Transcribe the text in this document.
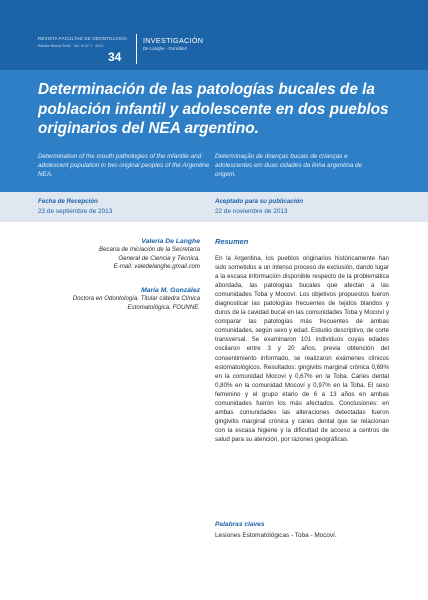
REVISTA FACULTAD DE ODONTOLOGÍA
Edición Nueva Serie · Vol. VI N° 1 · 2013
34
INVESTIGACIÓN
De Langhe - González
Determinación de las patologías bucales de la población infantil y adolescente en dos pueblos originarios del NEA argentino.
Determination of the mouth pathologies of the infantile and adolescent population in two original peoples of the Argentine NEA.
Determinação de doenças bucais de crianças e adolescentes em duas cidades da linha argentina de origem.
Fecha de Recepción
23 de septiembre de 2013
Aceptado para su publicación
22 de noviembre de 2013
Valeria De Langhe
Becaria de Iniciación de la Secretaría
General de Ciencia y Técnica.
E-mail: valedelanghe.gmail.com
María M. González
Doctora en Odontología. Titular cátedra Clínica
Estomatológica. FOUNNE.
Resumen

En la Argentina, los pueblos originarios históricamente han sido sometidos a un intenso proceso de exclusión, dando lugar a la escasa información disponible respecto de la problemática abordada, las patologías bucales que afectan a las comunidades Toba y Mocoví. Los objetivos propuestos fueron diagnosticar las patologías frecuentes de tejidos blandos y duros de la cavidad bucal en las comunidades Toba y Mocoví y comparar las patologías más frecuentes de ambas comunidades, según sexo y edad. Estudio descriptivo, de corte transversal. Se examinaron 101 individuos cuyas edades oscilaron entre 3 y 20 años, previa obtención del consentimiento informado, se realizaron exámenes clínicos estomatológicos. Resultados: gingivitis marginal crónica 0,69% en la comunidad Mocoví y 0,67% en la Toba. Caries dental 0,80% en la comunidad Mocoví y 0,97% en la Toba. El sexo femenino y el grupo etario de 6 a 13 años en ambas comunidades fueron los más afectados. Conclusiones: en ambas comunidades las alteraciones detectadas fueron gingivitis marginal crónica y caries dental que se relacionan con la escasa higiene y la dificultad de acceso a centros de salud para su atención, por razones geográficas.

Palabras claves
Lesiones Estomatológicas - Toba - Mocoví.
